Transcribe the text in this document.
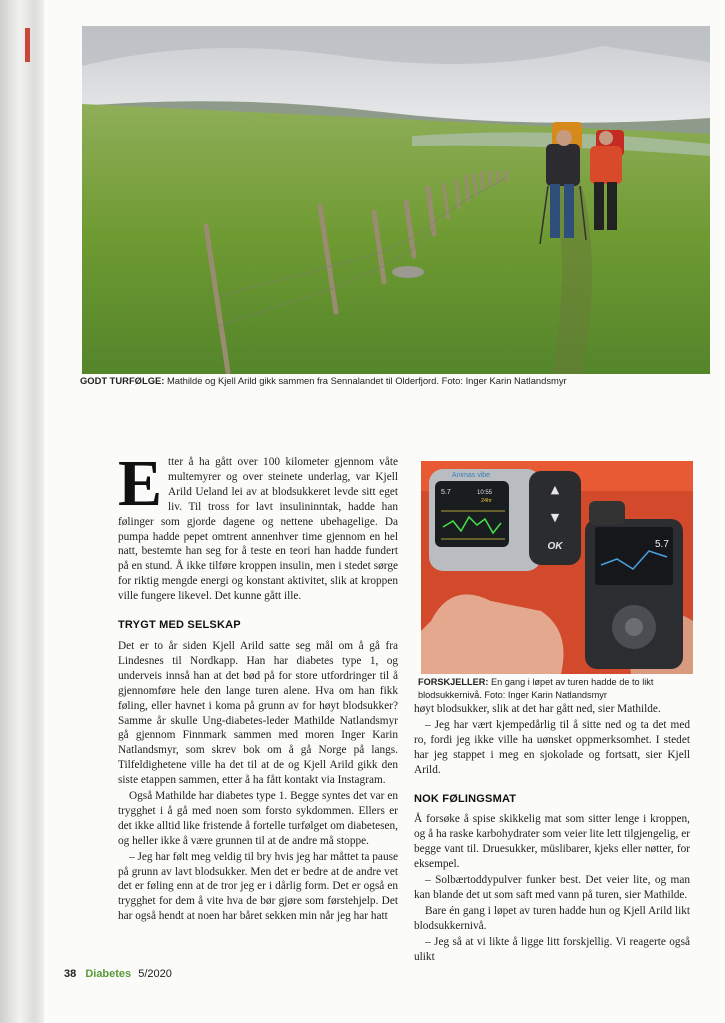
GODT TURFØLGE: Mathilde og Kjell Arild gikk sammen fra Sennalandet til Olderfjord. Foto: Inger Karin Natlandsmyr

Etter å ha gått over 100 kilometer gjennom våte multemyrer og over steinete underlag, var Kjell Arild Ueland lei av at blodsukkeret levde sitt eget liv. Til tross for lavt insulininntak, hadde han følinger som gjorde dagene og nettene ubehagelige. Da pumpa hadde pepet omtrent annenhver time gjennom en hel natt, bestemte han seg for å teste en teori han hadde fundert på en stund. Å ikke tilføre kroppen insulin, men i stedet sørge for riktig mengde energi og konstant aktivitet, slik at kroppen ville fungere likevel. Det kunne gått ille.

TRYGT MED SELSKAP

Det er to år siden Kjell Arild satte seg mål om å gå fra Lindesnes til Nordkapp. Han har diabetes type 1, og underveis innså han at det bød på for store utfordringer til å gjennomføre hele den lange turen alene. Hva om han fikk føling, eller havnet i koma på grunn av for høyt blodsukker? Samme år skulle Ung-diabetes-leder Mathilde Natlandsmyr gå gjennom Finnmark sammen med moren Inger Karin Natlandsmyr, som skrev bok om å gå Norge på langs. Tilfeldighetene ville ha det til at de og Kjell Arild gikk den siste etappen sammen, etter å ha fått kontakt via Instagram.

Også Mathilde har diabetes type 1. Begge syntes det var en trygghet i å gå med noen som forsto sykdommen. Ellers er det ikke alltid like fristende å fortelle turfølget om diabetesen, og heller ikke å være grunnen til at de andre må stoppe.

– Jeg har følt meg veldig til bry hvis jeg har måttet ta pause på grunn av lavt blodsukker. Men det er bedre at de andre vet det er føling enn at de tror jeg er i dårlig form. Det er også en trygghet for dem å vite hva de bør gjøre som førstehjelp. Det har også hendt at noen har båret sekken min når jeg har hatt

Animas vibe
5.7	10:55
24hr
▲
▼
OK	5.7
FORSKJELLER: En gang i løpet av turen hadde de to likt blodsukkernivå. Foto: Inger Karin Natlandsmyr

høyt blodsukker, slik at det har gått ned, sier Mathilde.

– Jeg har vært kjempedårlig til å sitte ned og ta det med ro, fordi jeg ikke ville ha uønsket oppmerksomhet. I stedet har jeg stappet i meg en sjokolade og fortsatt, sier Kjell Arild.

NOK FØLINGSMAT

Å forsøke å spise skikkelig mat som sitter lenge i kroppen, og å ha raske karbohydrater som veier lite lett tilgjengelig, er begge vant til. Druesukker, müslibarer, kjeks eller nøtter, for eksempel.

– Solbærtoddypulver funker best. Det veier lite, og man kan blande det ut som saft med vann på turen, sier Mathilde.

Bare én gang i løpet av turen hadde hun og Kjell Arild likt blodsukkernivå.

– Jeg så at vi likte å ligge litt forskjellig. Vi reagerte også ulikt

38 Diabetes 5/2020
